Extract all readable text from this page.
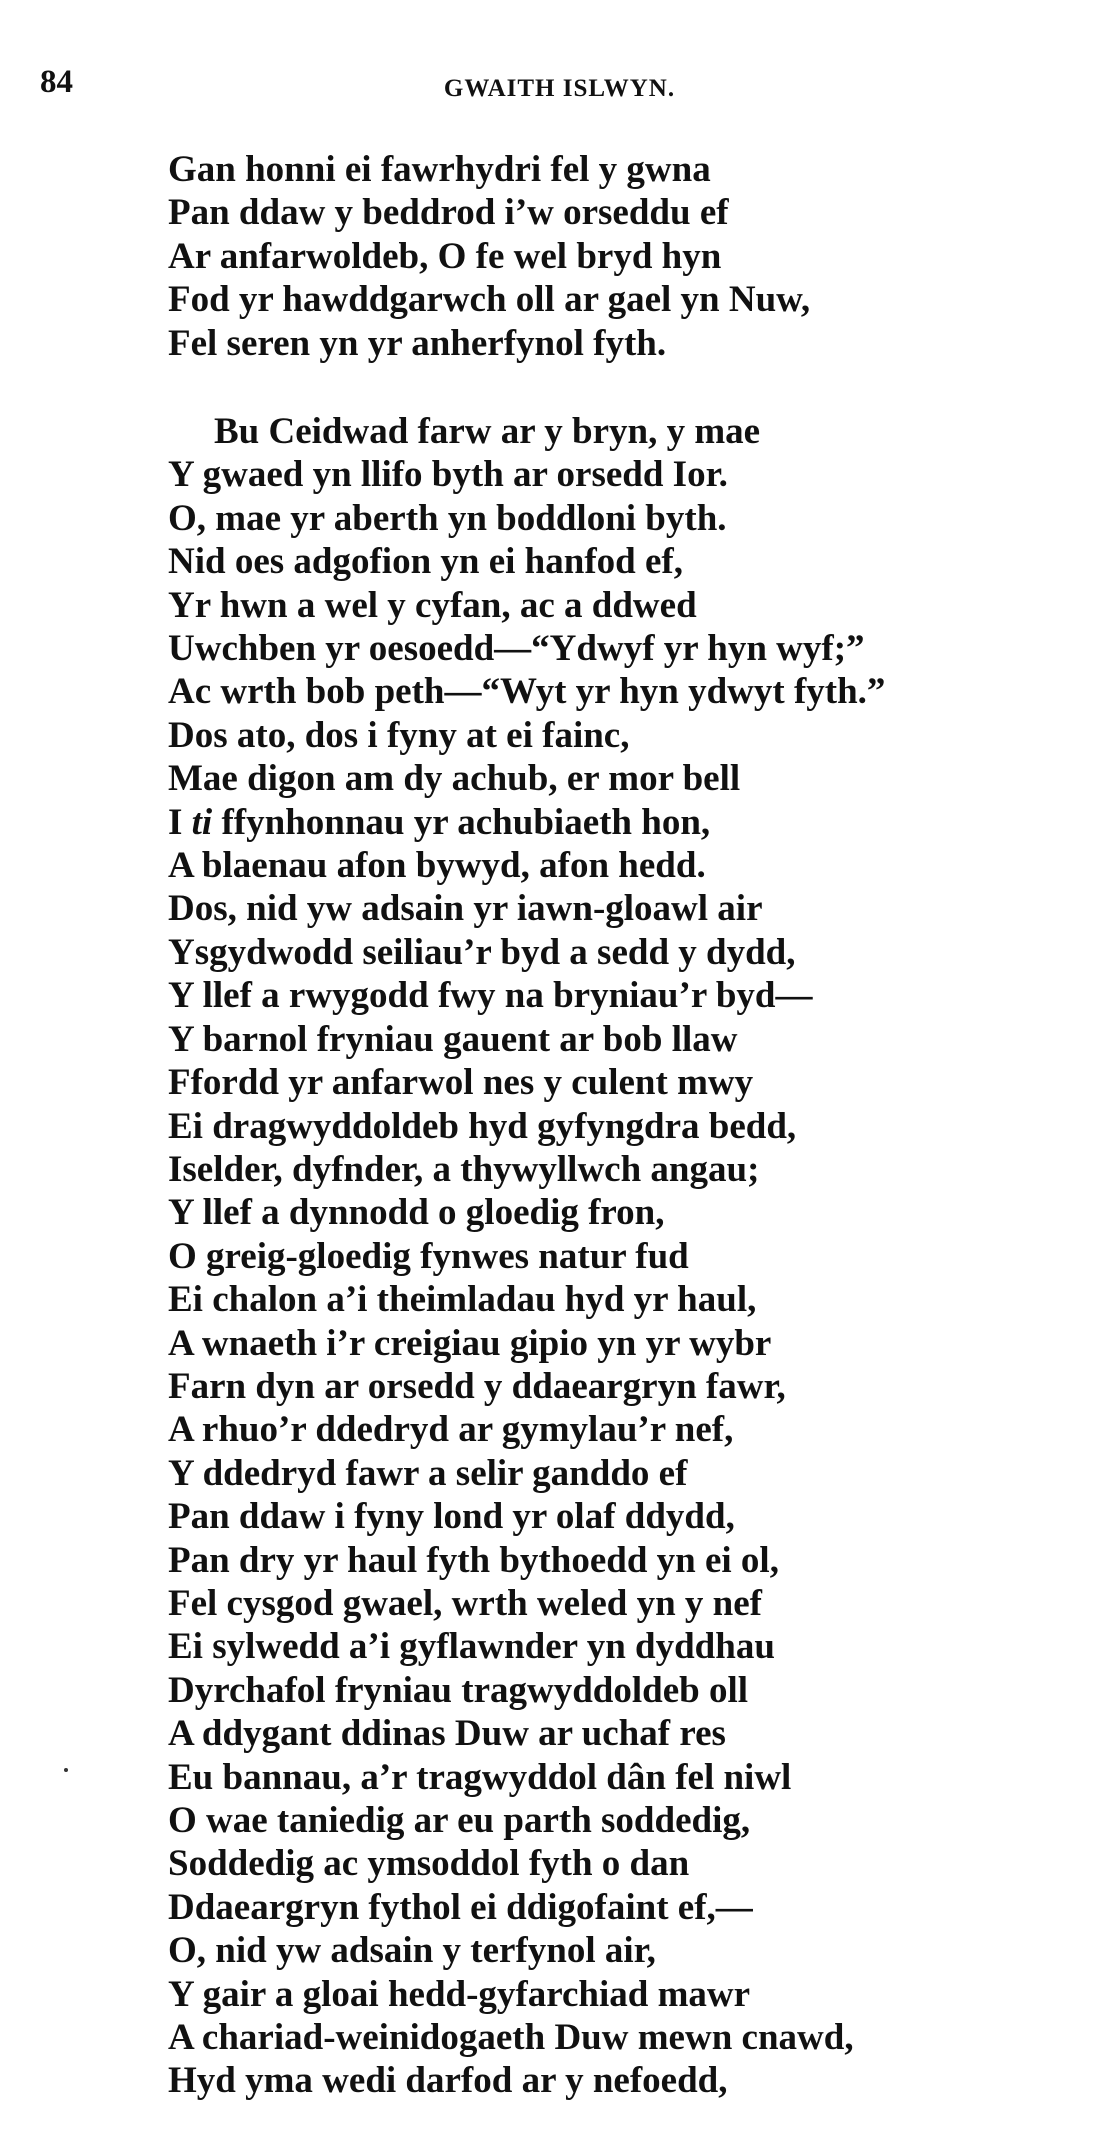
84	GWAITH ISLWYN.
Gan honni ei fawrhydri fel y gwna
Pan ddaw y beddrod i’w orseddu ef
Ar anfarwoldeb, O fe wel bryd hyn
Fod yr hawddgarwch oll ar gael yn Nuw,
Fel seren yn yr anherfynol fyth.
Bu Ceidwad farw ar y bryn, y mae
Y gwaed yn llifo byth ar orsedd Ior.
O, mae yr aberth yn boddloni byth.
Nid oes adgofion yn ei hanfod ef,
Yr hwn a wel y cyfan, ac a ddwed
Uwchben yr oesoedd—“Ydwyf yr hyn wyf;”
Ac wrth bob peth—“Wyt yr hyn ydwyt fyth.”
Dos ato, dos i fyny at ei fainc,
Mae digon am dy achub, er mor bell
I ti ffynhonnau yr achubiaeth hon,
A blaenau afon bywyd, afon hedd.
Dos, nid yw adsain yr iawn-gloawl air
Ysgydwodd seiliau’r byd a sedd y dydd,
Y llef a rwygodd fwy na bryniau’r byd—
Y barnol fryniau gauent ar bob llaw
Ffordd yr anfarwol nes y culent mwy
Ei dragwyddoldeb hyd gyfyngdra bedd,
Iselder, dyfnder, a thywyllwch angau;
Y llef a dynnodd o gloedig fron,
O greig-gloedig fynwes natur fud
Ei chalon a’i theimladau hyd yr haul,
A wnaeth i’r creigiau gipio yn yr wybr
Farn dyn ar orsedd y ddaeargryn fawr,
A rhuo’r ddedryd ar gymylau’r nef,
Y ddedryd fawr a selir ganddo ef
Pan ddaw i fyny lond yr olaf ddydd,
Pan dry yr haul fyth bythoedd yn ei ol,
Fel cysgod gwael, wrth weled yn y nef
Ei sylwedd a’i gyflawnder yn dyddhau
Dyrchafol fryniau tragwyddoldeb oll
A ddygant ddinas Duw ar uchaf res
Eu bannau, a’r tragwyddol dân fel niwl
O wae taniedig ar eu parth soddedig,
Soddedig ac ymsoddol fyth o dan
Ddaeargryn fythol ei ddigofaint ef,—
O, nid yw adsain y terfynol air,
Y gair a gloai hedd-gyfarchiad mawr
A chariad-weinidogaeth Duw mewn cnawd,
Hyd yma wedi darfod ar y nefoedd,
